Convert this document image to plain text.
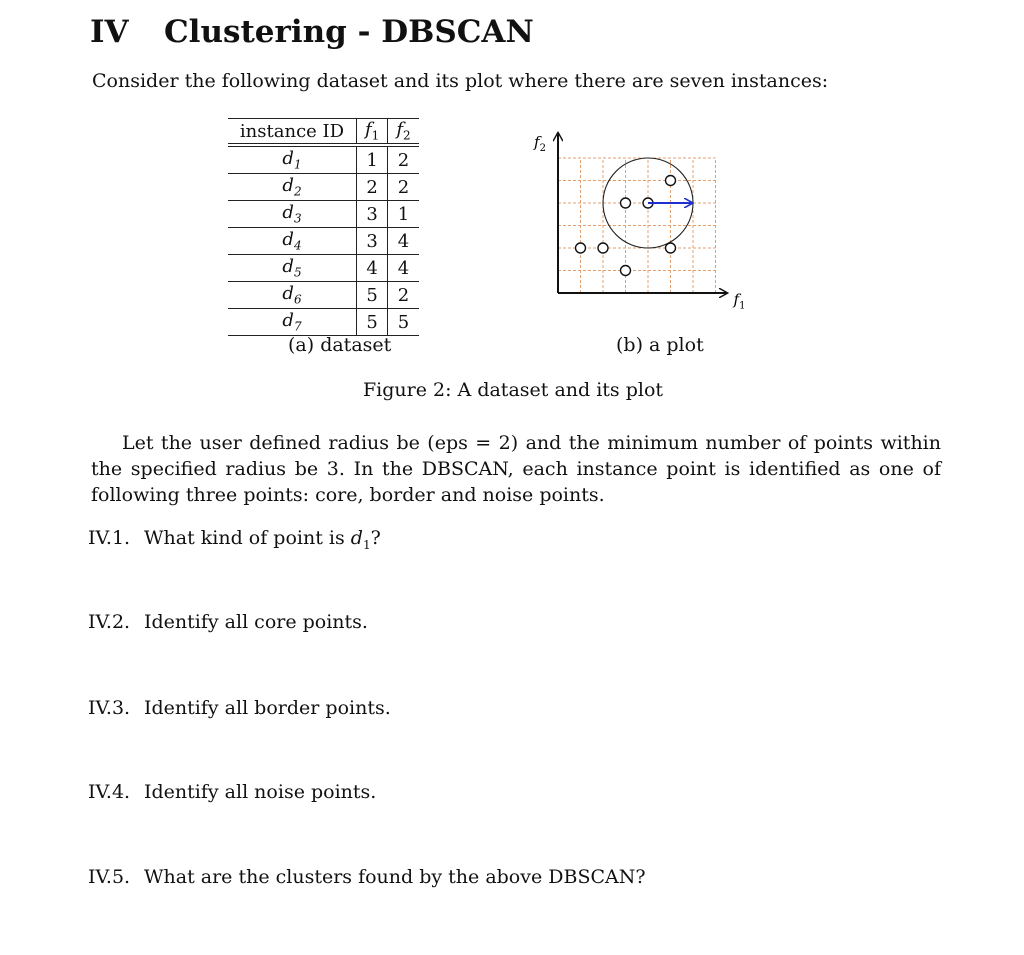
IV Clustering - DBSCAN
Consider the following dataset and its plot where there are seven instances:
instance ID	$f_1$	$f_2$
$d_1$	1	2
$d_2$	2	2
$d_3$	3	1
$d_4$	3	4
$d_5$	4	4
$d_6$	5	2
$d_7$	5	5
(a) dataset
$f_2$
$f_1$
(b) a plot
Figure 2: A dataset and its plot
Let the user defined radius be (eps = 2) and the minimum number of points within the specified radius be 3. In the DBSCAN, each instance point is identified as one of following three points: core, border and noise points.
IV.1. What kind of point is $d_1$?
IV.2. Identify all core points.
IV.3. Identify all border points.
IV.4. Identify all noise points.
IV.5. What are the clusters found by the above DBSCAN?
